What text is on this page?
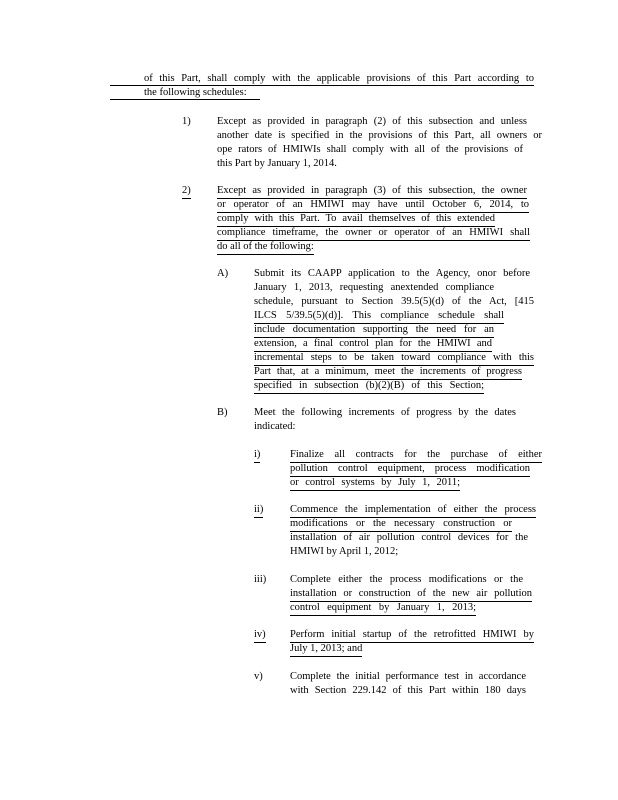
of this Part, shall comply with the applicable provisions of this Part according to
the following schedules:
1)	Except as provided in paragraph (2) of this subsection and unless
another date is specified in the provisions of this Part, all owners or
ope rators of HMIWIs shall comply with all of the provisions of
this Part by January 1, 2014.
2)	Except as provided in paragraph (3) of this subsection, the owner
or operator of an HMIWI may have until October 6, 2014, to
comply with this Part. To avail themselves of this extended
compliance timeframe, the owner or operator of an HMIWI shall
do all of the following:
A) Submit its CAAPP application to the Agency, onor before
January 1, 2013, requesting anextended compliance
schedule, pursuant to Section 39.5(5)(d) of the Act, [415
ILCS 5/39.5(5)(d)]. This compliance schedule shall
include documentation supporting the need for an
extension, a final control plan for the HMIWI and
incremental steps to be taken toward compliance with this
Part that, at a minimum, meet the increments of progress
specified in subsection (b)(2)(B) of this Section;
B)	Meet the following increments of progress by the dates
indicated:
i)	Finalize all contracts for the purchase of either
pollution control equipment, process modification
or control systems by July 1, 2011;
ii)	Commence the implementation of either the process
modifications or the necessary construction or
installation of air pollution control devices for the
HMIWI by April 1, 2012;
iii) Complete either the process modifications or the
installation or construction of the new air pollution
control equipment by January 1, 2013;
iv) Perform initial startup of the retrofitted HMIWI by
July 1, 2013; and
v)	Complete the initial performance test in accordance
with Section 229.142 of this Part within 180 days
